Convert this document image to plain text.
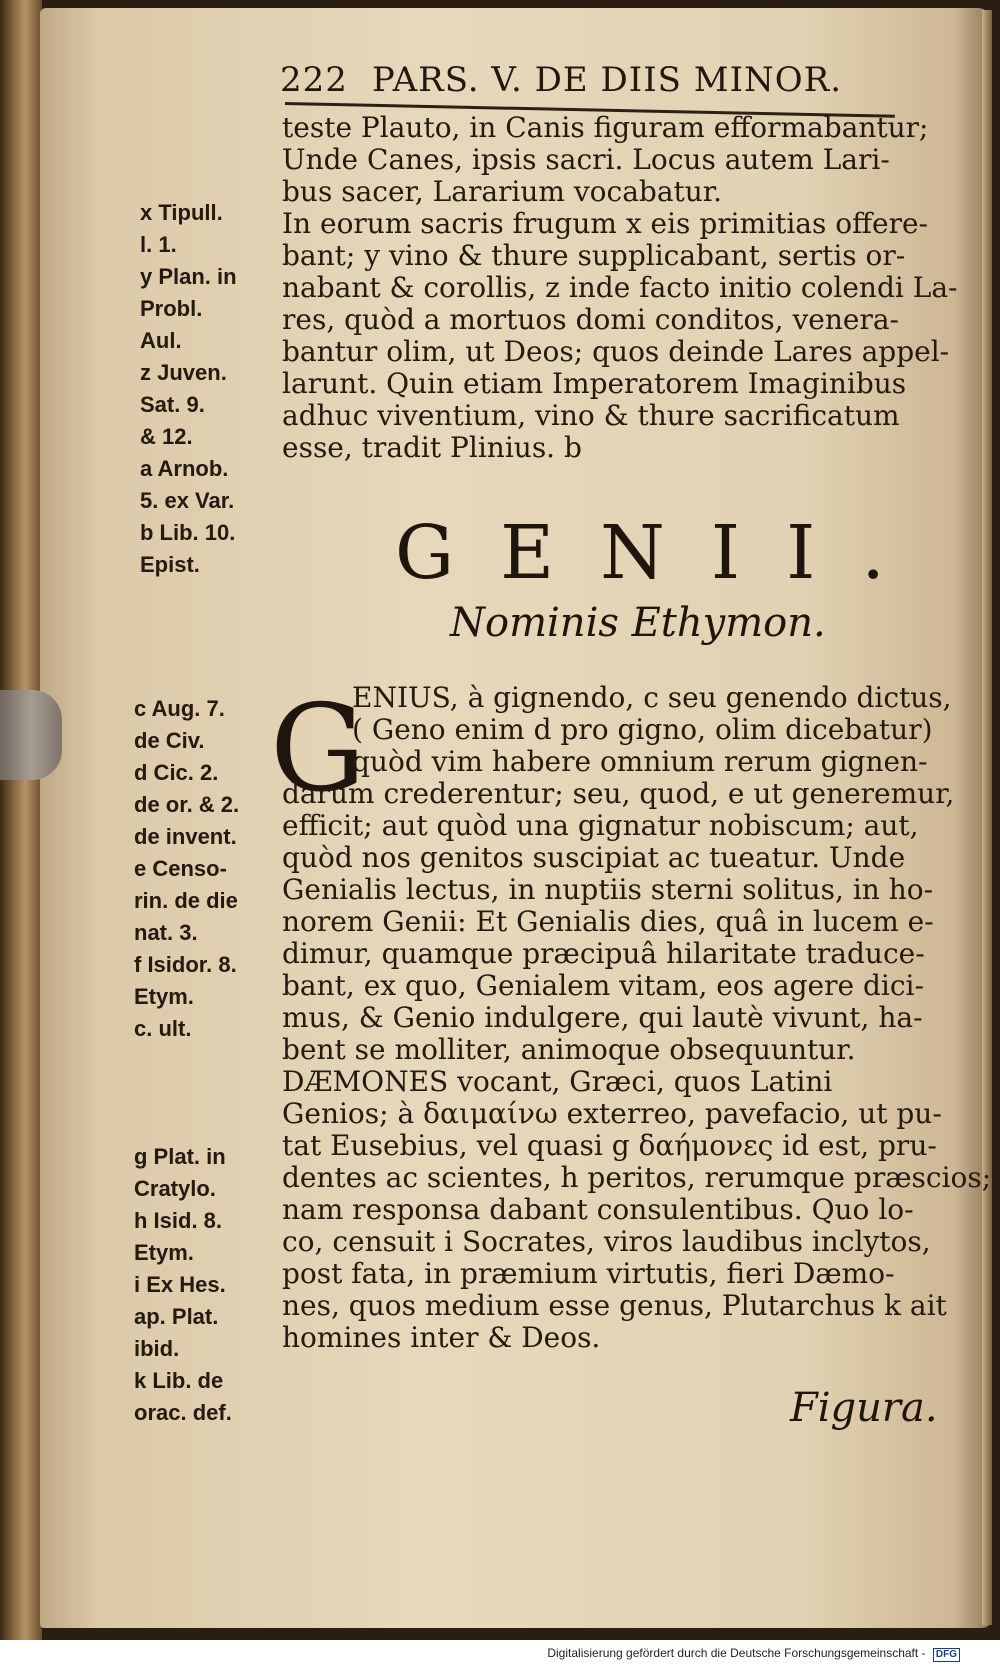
222 PARS. V. DE DIIS MINOR.
teste Plauto, in Canis figuram efformabantur;
Unde Canes, ipsis sacri. Locus autem Lari-
bus sacer, Lararium vocabatur.
In eorum sacris frugum x eis primitias offere-
bant; y vino & thure supplicabant, sertis or-
nabant & corollis, z inde facto initio colendi La-
res, quòd a mortuos domi conditos, venera-
bantur olim, ut Deos; quos deinde Lares appel-
larunt. Quin etiam Imperatorem Imaginibus
adhuc viventium, vino & thure sacrificatum
esse, tradit Plinius. b
x Tipull.
l. 1.
y Plan. in
Probl.
Aul.
z Juven.
Sat. 9.
& 12.
a Arnob.
5. ex Var.
b Lib. 10.
Epist.	GENII.
Nominis Ethymon.
G
ENIUS, à gignendo, c seu genendo dictus,
( Geno enim d pro gigno, olim dicebatur)
quòd vim habere omnium rerum gignen-
darum crederentur; seu, quod, e ut generemur,
efficit; aut quòd una gignatur nobiscum; aut,
quòd nos genitos suscipiat ac tueatur. Unde
Genialis lectus, in nuptiis sterni solitus, in ho-
norem Genii: Et Genialis dies, quâ in lucem e-
dimur, quamque præcipuâ hilaritate traduce-
bant, ex quo, Genialem vitam, eos agere dici-
mus, & Genio indulgere, qui lautè vivunt, ha-
bent se molliter, animoque obsequuntur.
DÆMONES vocant, Græci, quos Latini
Genios; à δαιμαίνω exterreo, pavefacio, ut pu-
tat Eusebius, vel quasi g δαήμονες id est, pru-
dentes ac scientes, h peritos, rerumque præscios;
nam responsa dabant consulentibus. Quo lo-
co, censuit i Socrates, viros laudibus inclytos,
post fata, in præmium virtutis, fieri Dæmo-
nes, quos medium esse genus, Plutarchus k ait
homines inter & Deos.
c Aug. 7.
de Civ.
d Cic. 2.
de or. & 2.
de invent.
e Censo-
rin. de die
nat. 3.
f Isidor. 8.
Etym.
c. ult.
g Plat. in
Cratylo.
h Isid. 8.
Etym.
i Ex Hes.
ap. Plat.
ibid.
k Lib. de
orac. def.	Figura.
Digitalisierung gefördert durch die Deutsche Forschungsgemeinschaft - DFG
